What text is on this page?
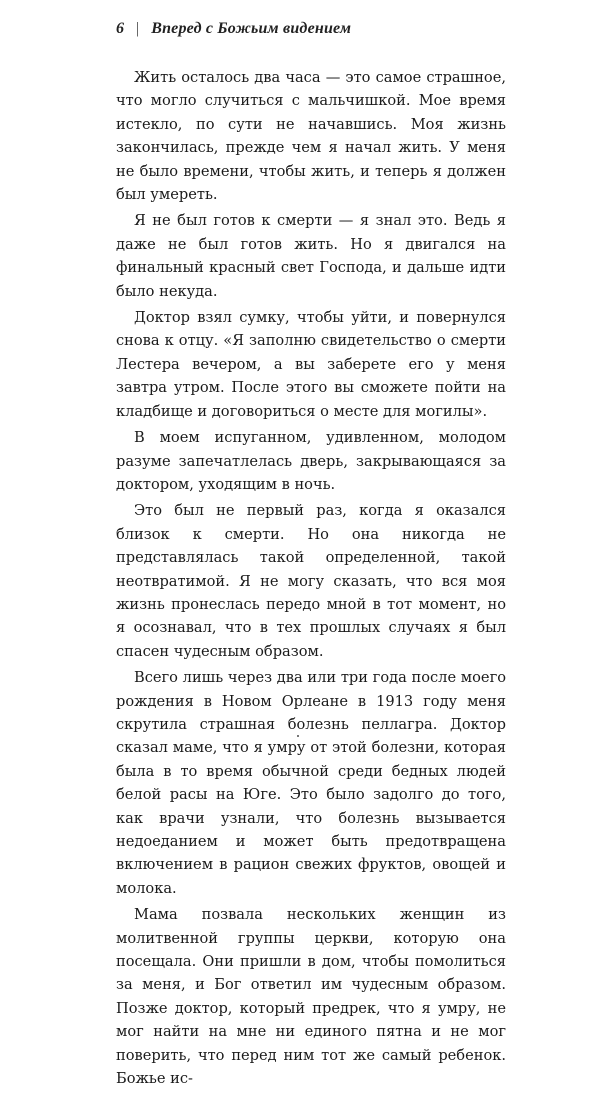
6 | Вперед с Божьим видением

Жить осталось два часа — это самое страшное, что могло случиться с мальчишкой. Мое время истекло, по сути не начавшись. Моя жизнь закончилась, прежде чем я начал жить. У меня не было времени, чтобы жить, и теперь я должен был умереть.

Я не был готов к смерти — я знал это. Ведь я даже не был готов жить. Но я двигался на финальный красный свет Господа, и дальше идти было некуда.

Доктор взял сумку, чтобы уйти, и повернулся снова к отцу. «Я заполню свидетельство о смерти Лестера вечером, а вы заберете его у меня завтра утром. После этого вы сможете пойти на кладбище и договориться о месте для могилы».

В моем испуганном, удивленном, молодом разуме запечатлелась дверь, закрывающаяся за доктором, уходящим в ночь.

Это был не первый раз, когда я оказался близок к смерти. Но она никогда не представлялась такой определенной, такой неотвратимой. Я не могу сказать, что вся моя жизнь пронеслась передо мной в тот момент, но я осознавал, что в тех прошлых случаях я был спасен чудесным образом.

Всего лишь через два или три года после моего рождения в Новом Орлеане в 1913 году меня скрутила страшная болезнь пеллагра. Доктор сказал маме, что я умру от этой болезни, которая была в то время обычной среди бедных людей белой расы на Юге. Это было задолго до того, как врачи узнали, что болезнь вызывается недоеданием и может быть предотвращена включением в рацион свежих фруктов, овощей и молока.

Мама позвала нескольких женщин из молитвенной группы церкви, которую она посещала. Они пришли в дом, чтобы помолиться за меня, и Бог ответил им чудесным образом. Позже доктор, который предрек, что я умру, не мог найти на мне ни единого пятна и не мог поверить, что перед ним тот же самый ребенок. Божье ис-
